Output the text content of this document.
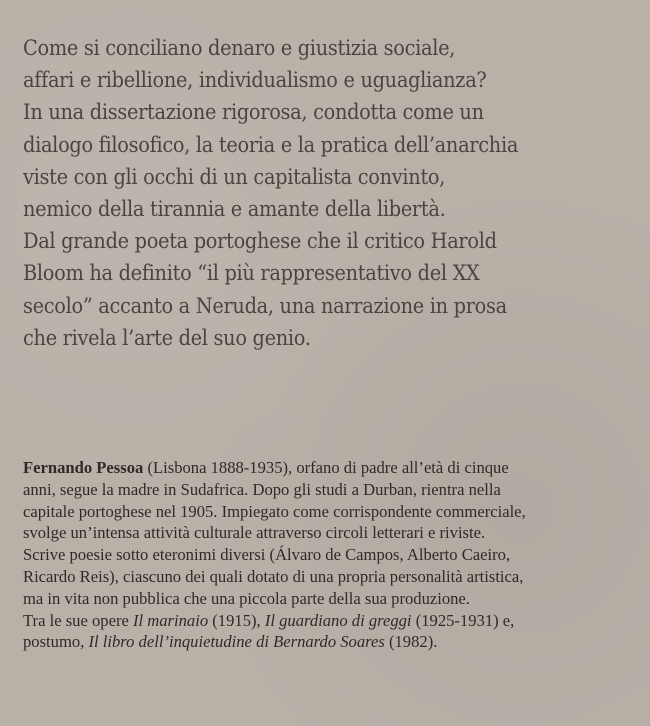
Come si conciliano denaro e giustizia sociale,
affari e ribellione, individualismo e uguaglianza?
In una dissertazione rigorosa, condotta come un
dialogo filosofico, la teoria e la pratica dell’anarchia
viste con gli occhi di un capitalista convinto,
nemico della tirannia e amante della libertà.
Dal grande poeta portoghese che il critico Harold
Bloom ha definito “il più rappresentativo del XX
secolo” accanto a Neruda, una narrazione in prosa
che rivela l’arte del suo genio.
Fernando Pessoa (Lisbona 1888-1935), orfano di padre all’età di cinque
anni, segue la madre in Sudafrica. Dopo gli studi a Durban, rientra nella
capitale portoghese nel 1905. Impiegato come corrispondente commerciale,
svolge un’intensa attività culturale attraverso circoli letterari e riviste.
Scrive poesie sotto eteronimi diversi (Álvaro de Campos, Alberto Caeiro,
Ricardo Reis), ciascuno dei quali dotato di una propria personalità artistica,
ma in vita non pubblica che una piccola parte della sua produzione.
Tra le sue opere Il marinaio (1915), Il guardiano di greggi (1925-1931) e,
postumo, Il libro dell’inquietudine di Bernardo Soares (1982).
